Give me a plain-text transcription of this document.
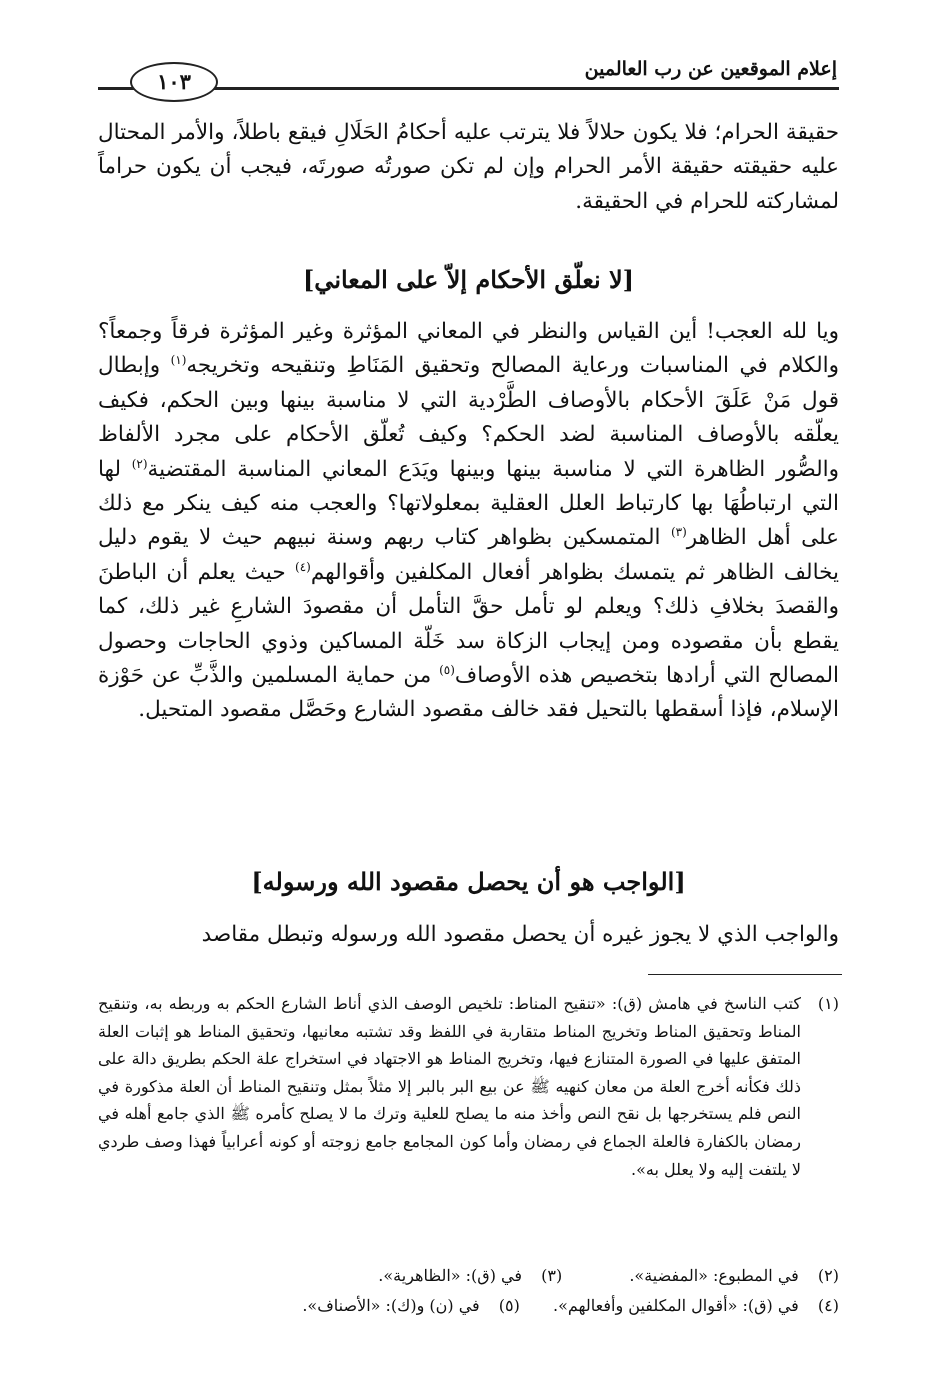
إعلام الموقعين عن رب العالمين
١٠٣
حقيقة الحرام؛ فلا يكون حلالاً فلا يترتب عليه أحكامُ الحَلَالِ فيقع باطلاً، والأمر المحتال عليه حقيقته حقيقة الأمر الحرام وإن لم تكن صورتُه صورتَه، فيجب أن يكون حراماً لمشاركته للحرام في الحقيقة.
[لا نعلّق الأحكام إلاّ على المعاني]
ويا لله العجب! أين القياس والنظر في المعاني المؤثرة وغير المؤثرة فرقاً وجمعاً؟ والكلام في المناسبات ورعاية المصالح وتحقيق المَنَاطِ وتنقيحه وتخريجه$^{(١)}$ وإبطال قول مَنْ عَلَقَ الأحكام بالأوصاف الطَّرْدية التي لا مناسبة بينها وبين الحكم، فكيف يعلّقه بالأوصاف المناسبة لضد الحكم؟ وكيف تُعلّق الأحكام على مجرد الألفاظ والصُّور الظاهرة التي لا مناسبة بينها وبينها ويَدَع المعاني المناسبة المقتضية$^{(٢)}$ لها التي ارتباطُهَا بها كارتباط العلل العقلية بمعلولاتها؟ والعجب منه كيف ينكر مع ذلك على أهل الظاهر$^{(٣)}$ المتمسكين بظواهر كتاب ربهم وسنة نبيهم حيث لا يقوم دليل يخالف الظاهر ثم يتمسك بظواهر أفعال المكلفين وأقوالهم$^{(٤)}$ حيث يعلم أن الباطنَ والقصدَ بخلافِ ذلك؟ ويعلم لو تأمل حقَّ التأمل أن مقصودَ الشارعِ غير ذلك، كما يقطع بأن مقصوده ومن إيجاب الزكاة سد خَلّة المساكين وذوي الحاجات وحصول المصالح التي أرادها بتخصيص هذه الأوصاف$^{(٥)}$ من حماية المسلمين والذَّبِّ عن حَوْزة الإسلام، فإذا أسقطها بالتحيل فقد خالف مقصود الشارع وحَصَّل مقصود المتحيل.
[الواجب هو أن يحصل مقصود الله ورسوله]
والواجب الذي لا يجوز غيره أن يحصل مقصود الله ورسوله وتبطل مقاصد
(١)
كتب الناسخ في هامش (ق): «تنقيح المناط: تلخيص الوصف الذي أناط الشارع الحكم به وربطه به، وتنقيح المناط وتحقيق المناط وتخريج المناط متقاربة في اللفظ وقد تشتبه معانيها، وتحقيق المناط هو إثبات العلة المتفق عليها في الصورة المتنازع فيها، وتخريج المناط هو الاجتهاد في استخراج علة الحكم بطريق دالة على ذلك فكأنه أخرج العلة من معان كنهيه ﷺ عن بيع البر بالبر إلا مثلاً بمثل وتنقيح المناط أن العلة مذكورة في النص فلم يستخرجها بل نقح النص وأخذ منه ما يصلح للعلية وترك ما لا يصلح كأمره ﷺ الذي جامع أهله في رمضان بالكفارة فالعلة الجماع في رمضان وأما كون المجامع جامع زوجته أو كونه أعرابياً فهذا وصف طردي لا يلتفت إليه ولا يعلل به».
(٢) في المطبوع: «المفضية». (٣) في (ق): «الظاهرية».
(٤) في (ق): «أقوال المكلفين وأفعالهم». (٥) في (ن) و(ك): «الأصناف».
